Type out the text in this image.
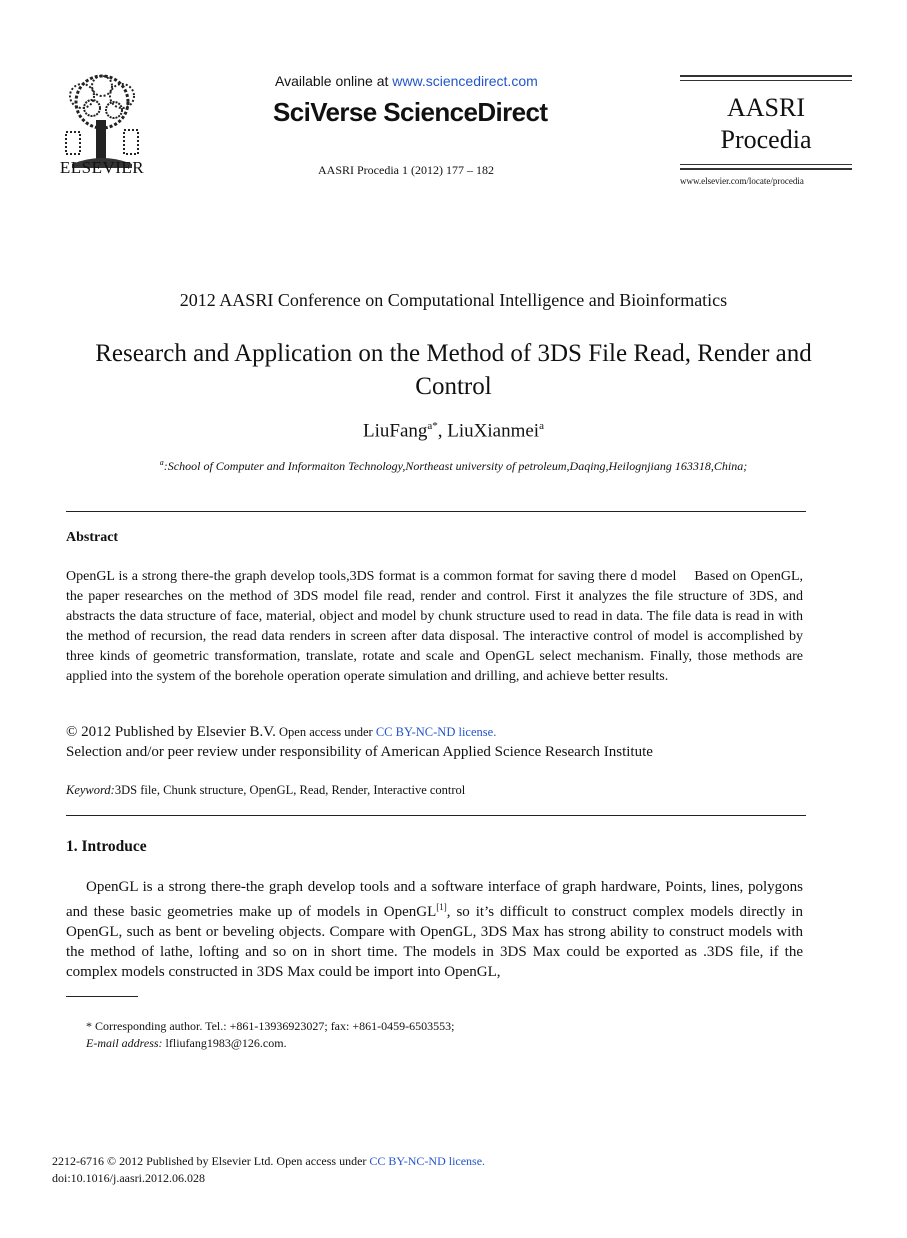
ELSEVIER
Available online at www.sciencedirect.com
SciVerse ScienceDirect
AASRI Procedia 1 (2012) 177 – 182
AASRI
Procedia
www.elsevier.com/locate/procedia
2012 AASRI Conference on Computational Intelligence and Bioinformatics
Research and Application on the Method of 3DS File Read, Render and Control
LiuFang$^{a*}$, LiuXianmei$^a$
$^a$:School of Computer and Informaiton Technology,Northeast university of petroleum,Daqing,Heilognjiang 163318,China;
Abstract
OpenGL is a strong there-the graph develop tools,3DS format is a common format for saving there d model   Based on OpenGL, the paper researches on the method of 3DS model file read, render and control. First it analyzes the file structure of 3DS, and abstracts the data structure of face, material, object and model by chunk structure used to read in data. The file data is read in with the method of recursion, the read data renders in screen after data disposal. The interactive control of model is accomplished by three kinds of geometric transformation, translate, rotate and scale and OpenGL select mechanism. Finally, those methods are applied into the system of the borehole operation operate simulation and drilling, and achieve better results.
© 2012 Published by Elsevier B.V. Open access under CC BY-NC-ND license.
Selection and/or peer review under responsibility of American Applied Science Research Institute
Keyword:3DS file, Chunk structure, OpenGL, Read, Render, Interactive control
1. Introduce
OpenGL is a strong there-the graph develop tools and a software interface of graph hardware, Points, lines, polygons and these basic geometries make up of models in OpenGL[1], so it’s difficult to construct complex models directly in OpenGL, such as bent or beveling objects. Compare with OpenGL, 3DS Max has strong ability to construct models with the method of lathe, lofting and so on in short time. The models in 3DS Max could be exported as .3DS file, if the complex models constructed in 3DS Max could be import into OpenGL,
* Corresponding author. Tel.: +861-13936923027; fax: +861-0459-6503553;
E-mail address: lfliufang1983@126.com.
2212-6716 © 2012 Published by Elsevier Ltd. Open access under CC BY-NC-ND license.
doi:10.1016/j.aasri.2012.06.028
